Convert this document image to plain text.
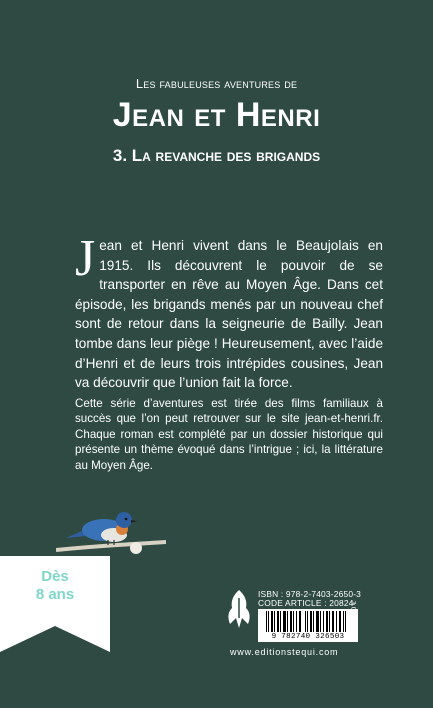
Les fabuleuses aventures de
Jean et Henri
3. La revanche des brigands
Jean et Henri vivent dans le Beaujolais en 1915. Ils découvrent le pouvoir de se transporter en rêve au Moyen Âge. Dans cet épisode, les brigands menés par un nouveau chef sont de retour dans la seigneurie de Bailly. Jean tombe dans leur piège ! Heureusement, avec l’aide d’Henri et de leurs trois intrépides cousines, Jean va découvrir que l’union fait la force.
Cette série d’aventures est tirée des films familiaux à succès que l’on peut retrouver sur le site jean-et-henri.fr. Chaque roman est complété par un dossier historique qui présente un thème évoqué dans l’intrigue ; ici, la littérature au Moyen Âge.
Dès
8 ans	ISBN : 978-2-7403-2650-3
CODE ARTICLE : 20824
9 782740 326503
13,90 €
www.editionstequi.com
